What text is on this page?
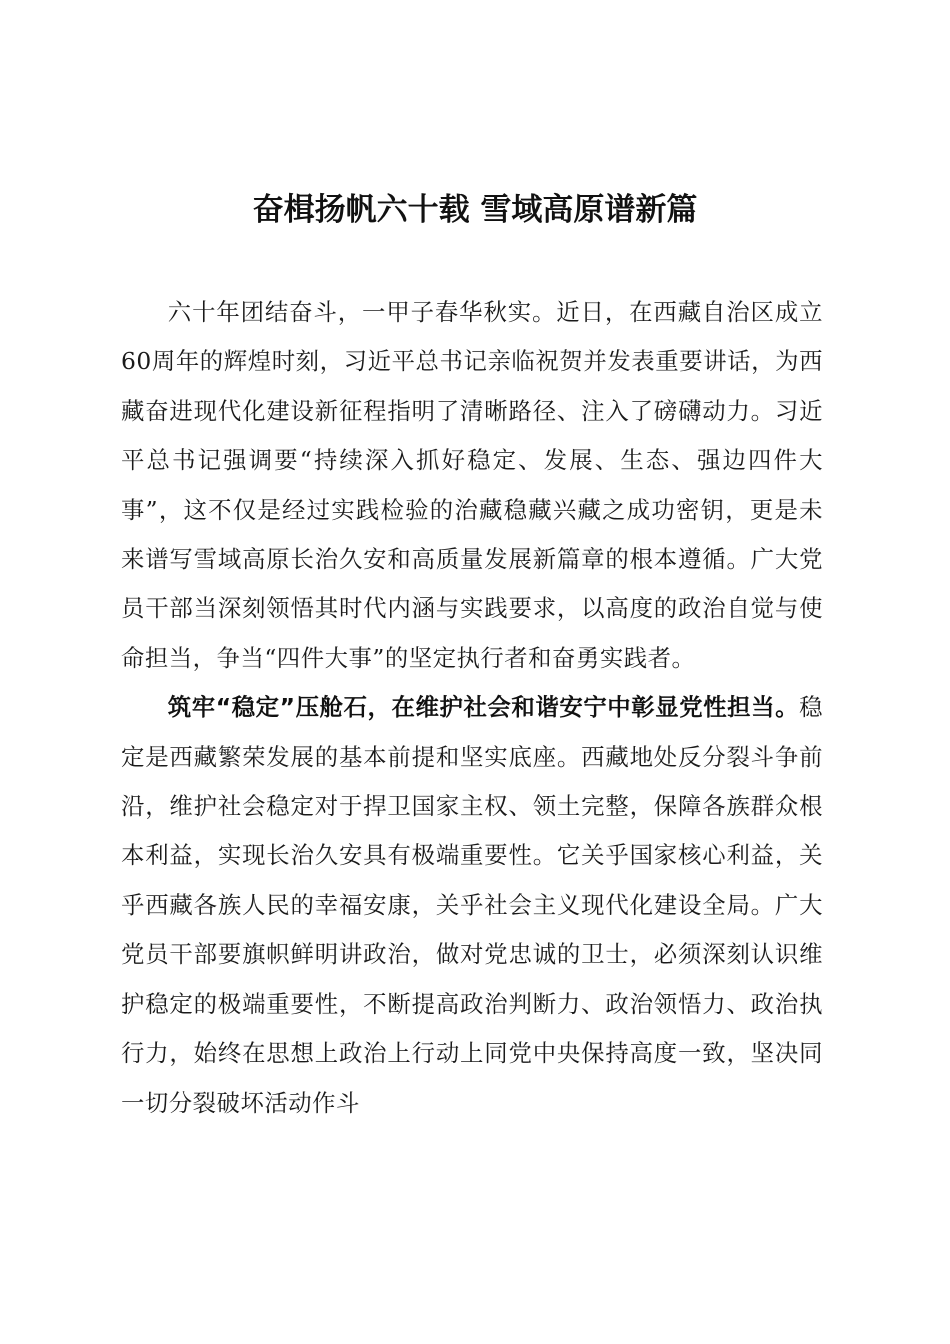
奋楫扬帆六十载 雪域高原谱新篇

六十年团结奋斗，一甲子春华秋实。近日，在西藏自治区成立60周年的辉煌时刻，习近平总书记亲临祝贺并发表重要讲话，为西藏奋进现代化建设新征程指明了清晰路径、注入了磅礴动力。习近平总书记强调要“持续深入抓好稳定、发展、生态、强边四件大事”，这不仅是经过实践检验的治藏稳藏兴藏之成功密钥，更是未来谱写雪域高原长治久安和高质量发展新篇章的根本遵循。广大党员干部当深刻领悟其时代内涵与实践要求，以高度的政治自觉与使命担当，争当“四件大事”的坚定执行者和奋勇实践者。

筑牢“稳定”压舱石，在维护社会和谐安宁中彰显党性担当。稳定是西藏繁荣发展的基本前提和坚实底座。西藏地处反分裂斗争前沿，维护社会稳定对于捍卫国家主权、领土完整，保障各族群众根本利益，实现长治久安具有极端重要性。它关乎国家核心利益，关乎西藏各族人民的幸福安康，关乎社会主义现代化建设全局。广大党员干部要旗帜鲜明讲政治，做对党忠诚的卫士，必须深刻认识维护稳定的极端重要性，不断提高政治判断力、政治领悟力、政治执行力，始终在思想上政治上行动上同党中央保持高度一致，坚决同一切分裂破坏活动作斗
